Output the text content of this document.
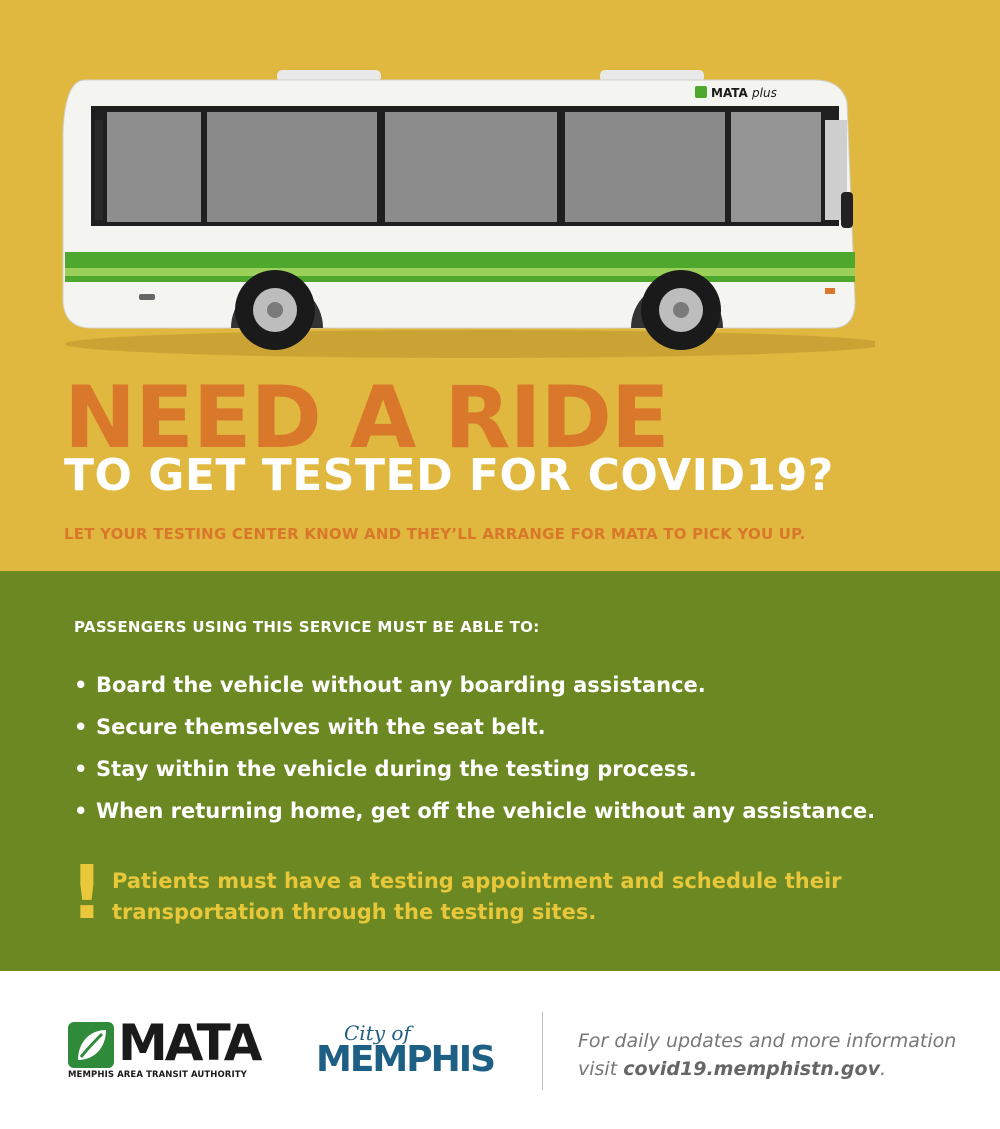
MATA plus
NEED A RIDE
TO GET TESTED FOR COVID19?
LET YOUR TESTING CENTER KNOW AND THEY’LL ARRANGE FOR MATA TO PICK YOU UP.
PASSENGERS USING THIS SERVICE MUST BE ABLE TO:
• Board the vehicle without any boarding assistance.
• Secure themselves with the seat belt.
• Stay within the vehicle during the testing process.
• When returning home, get off the vehicle without any assistance.
! Patients must have a testing appointment and schedule their transportation through the testing sites.
MATA
MEMPHIS AREA TRANSIT AUTHORITY
City of
MEMPHIS	For daily updates and more information
visit covid19.memphistn.gov.
